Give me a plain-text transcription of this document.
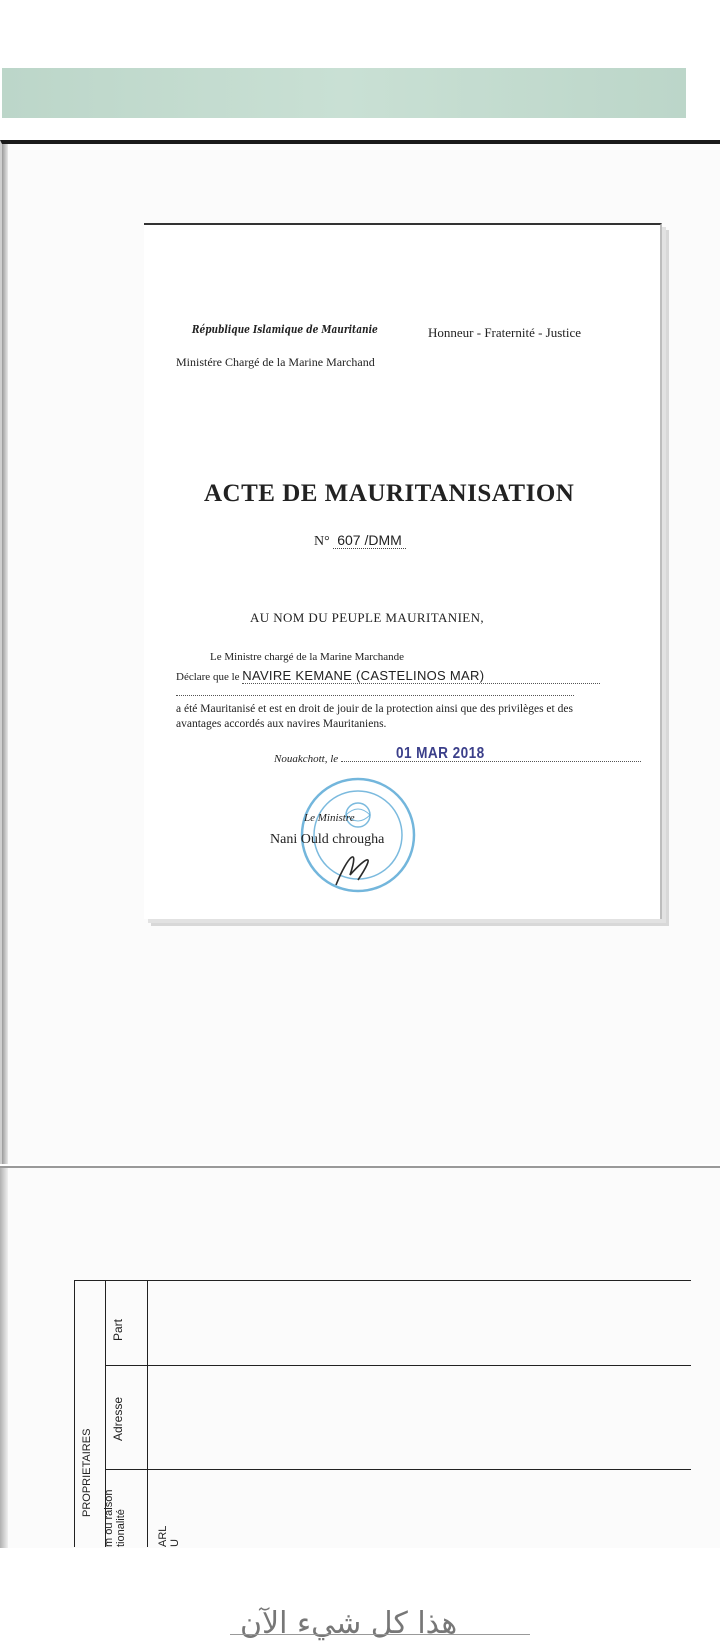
République Islamique de Mauritanie	Honneur - Fraternité - Justice
Ministére Chargé de la Marine Marchand
ACTE DE MAURITANISATION
N° 607 /DMM
AU NOM DU PEUPLE MAURITANIEN,
Le Ministre chargé de la Marine Marchande
Déclare que le NAVIRE KEMANE (CASTELINOS MAR)
a été Mauritanisé et est en droit de jouir de la protection ainsi que des privilèges et des avantages accordés aux navires Mauritaniens.
Nouakchott, le	01 MAR 2018
Le Ministre
Nani Ould chrougha
PROPRIETAIRES
Part
Adresse
m ou raison tionalité	ARL U
هذا كل شيء الآن
